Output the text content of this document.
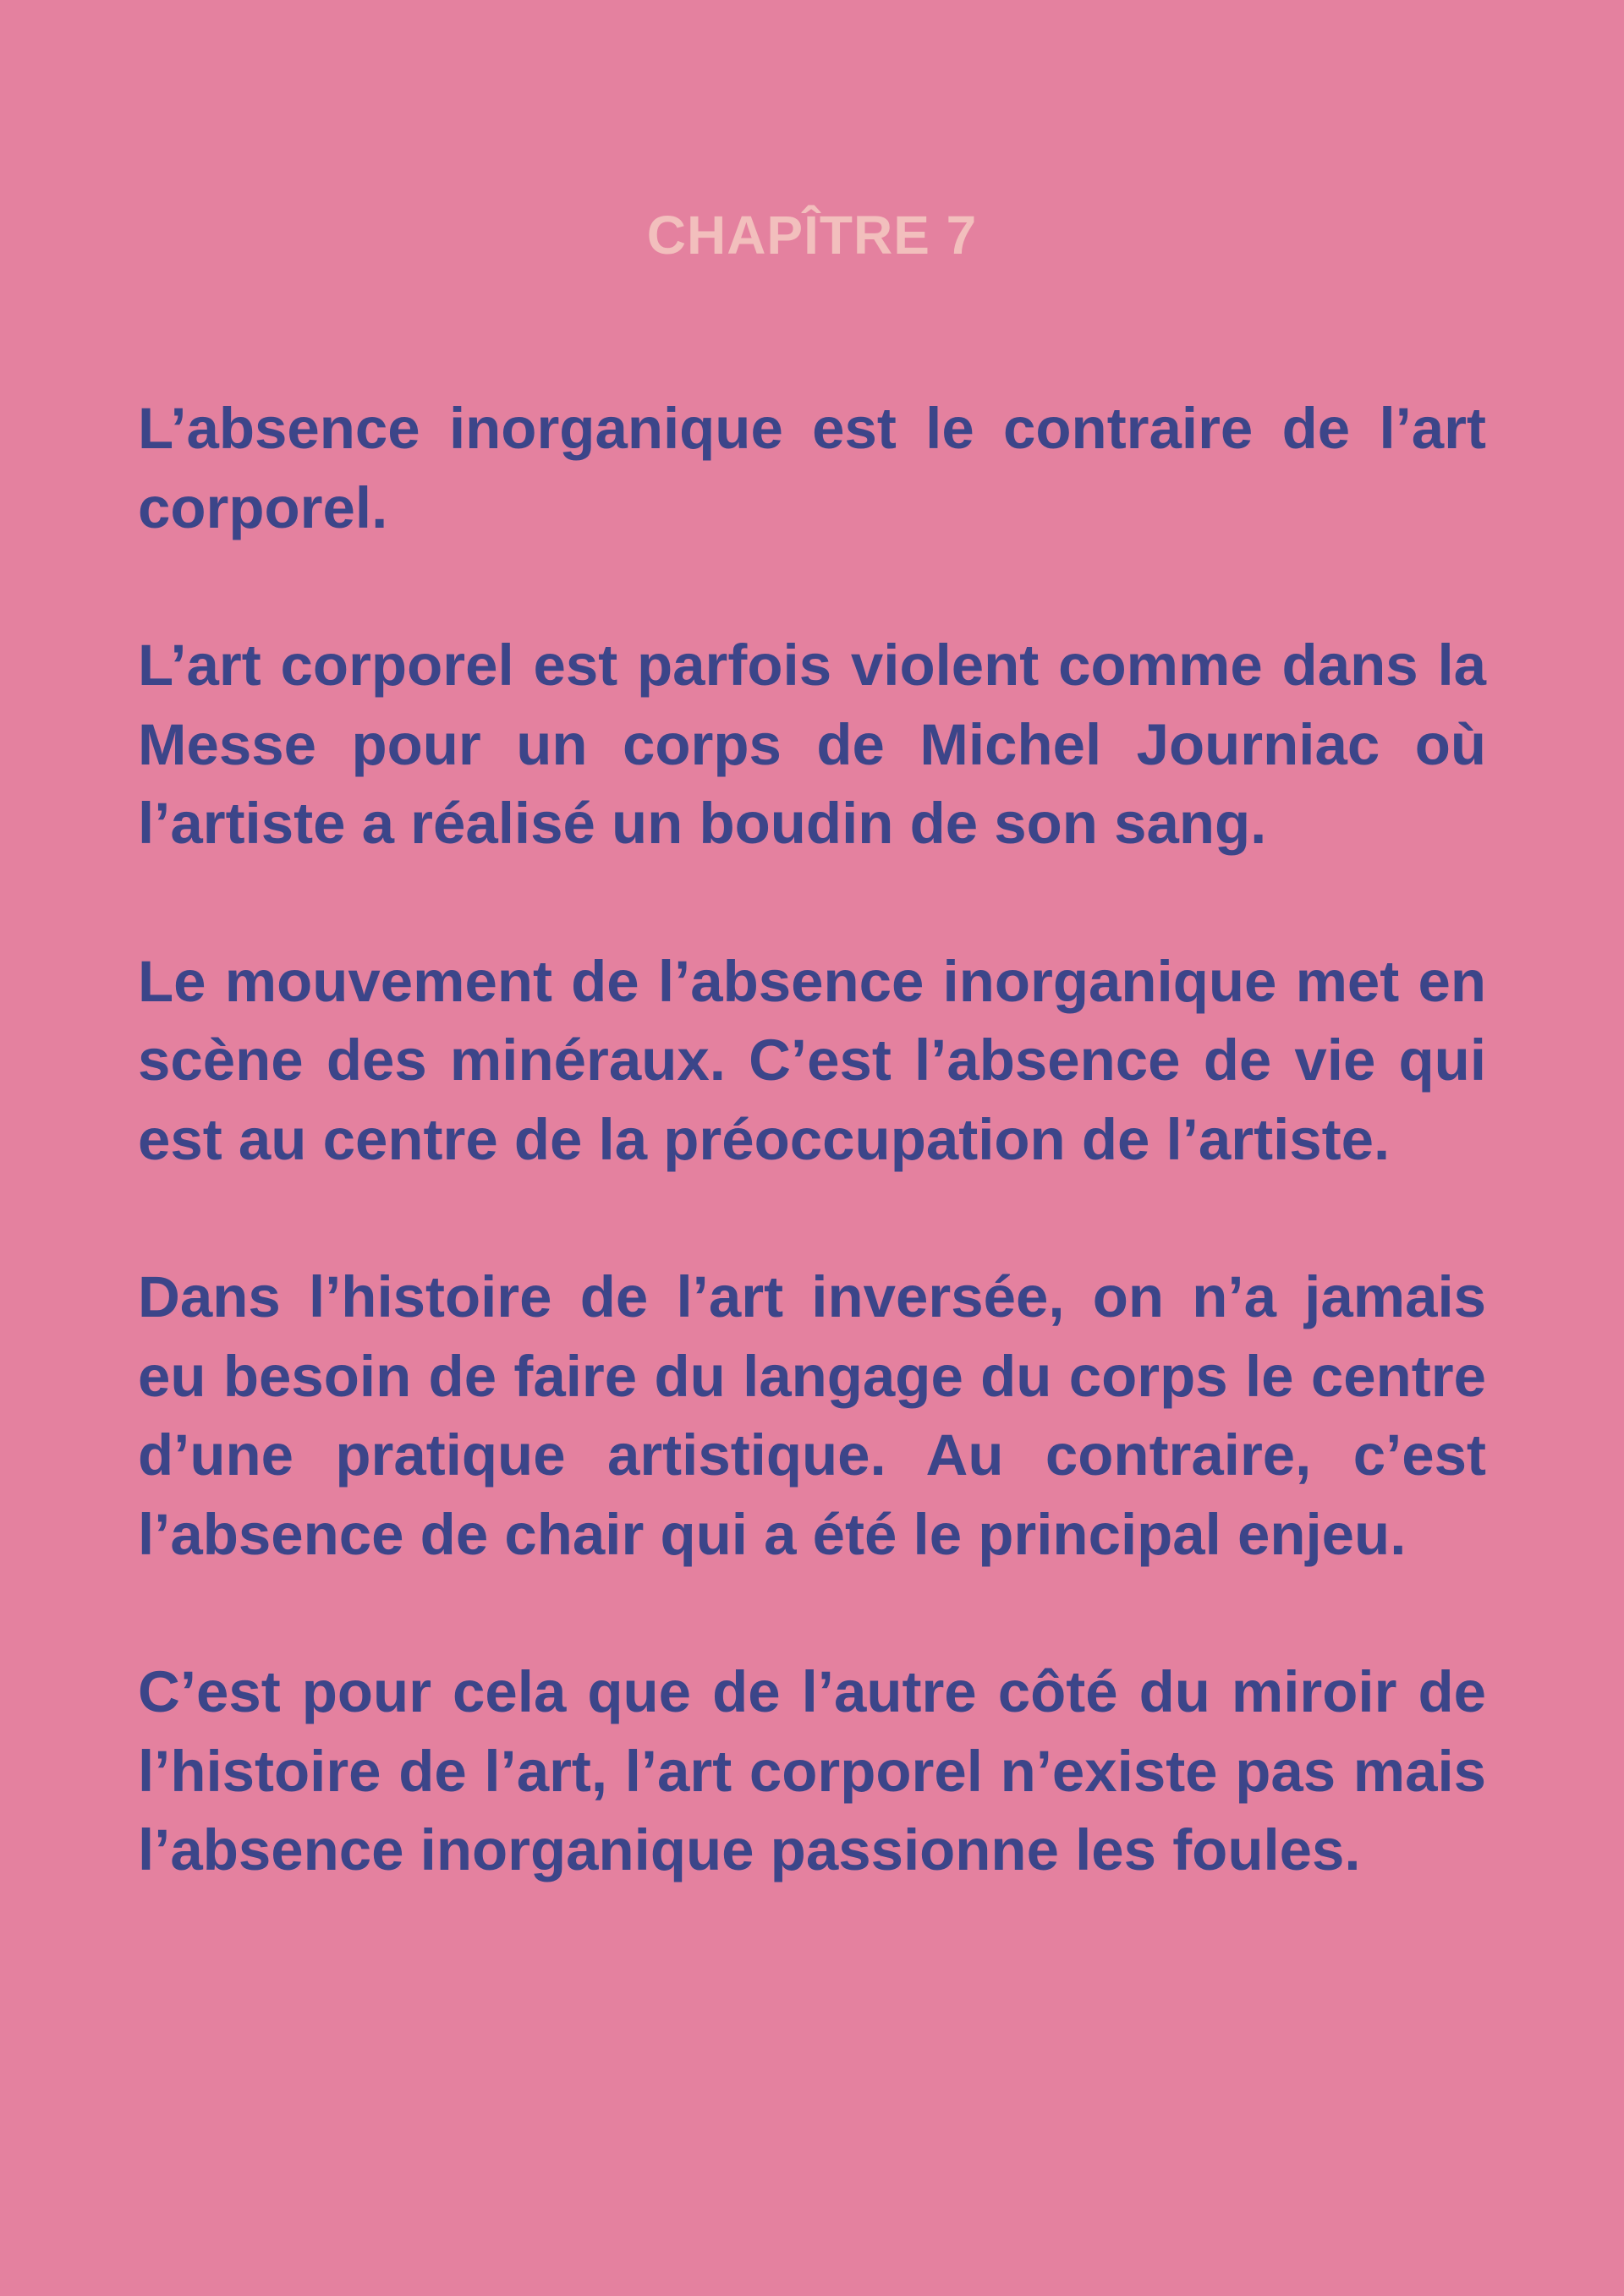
CHAPÎTRE 7

L’absence inorganique est le contraire de l’art corporel.

L’art corporel est parfois violent comme dans la Messe pour un corps de Michel Journiac où l’artiste a réalisé un boudin de son sang.

Le mouvement de l’absence inorganique met en scène des minéraux. C’est l’absence de vie qui est au centre de la préoccupation de l’artiste.

Dans l’histoire de l’art inversée, on n’a jamais eu besoin de faire du langage du corps le centre d’une pratique artistique. Au contraire, c’est l’absence de chair qui a été le principal enjeu.

C’est pour cela que de l’autre côté du miroir de l’histoire de l’art, l’art corporel n’existe pas mais l’absence inorganique passionne les foules.
